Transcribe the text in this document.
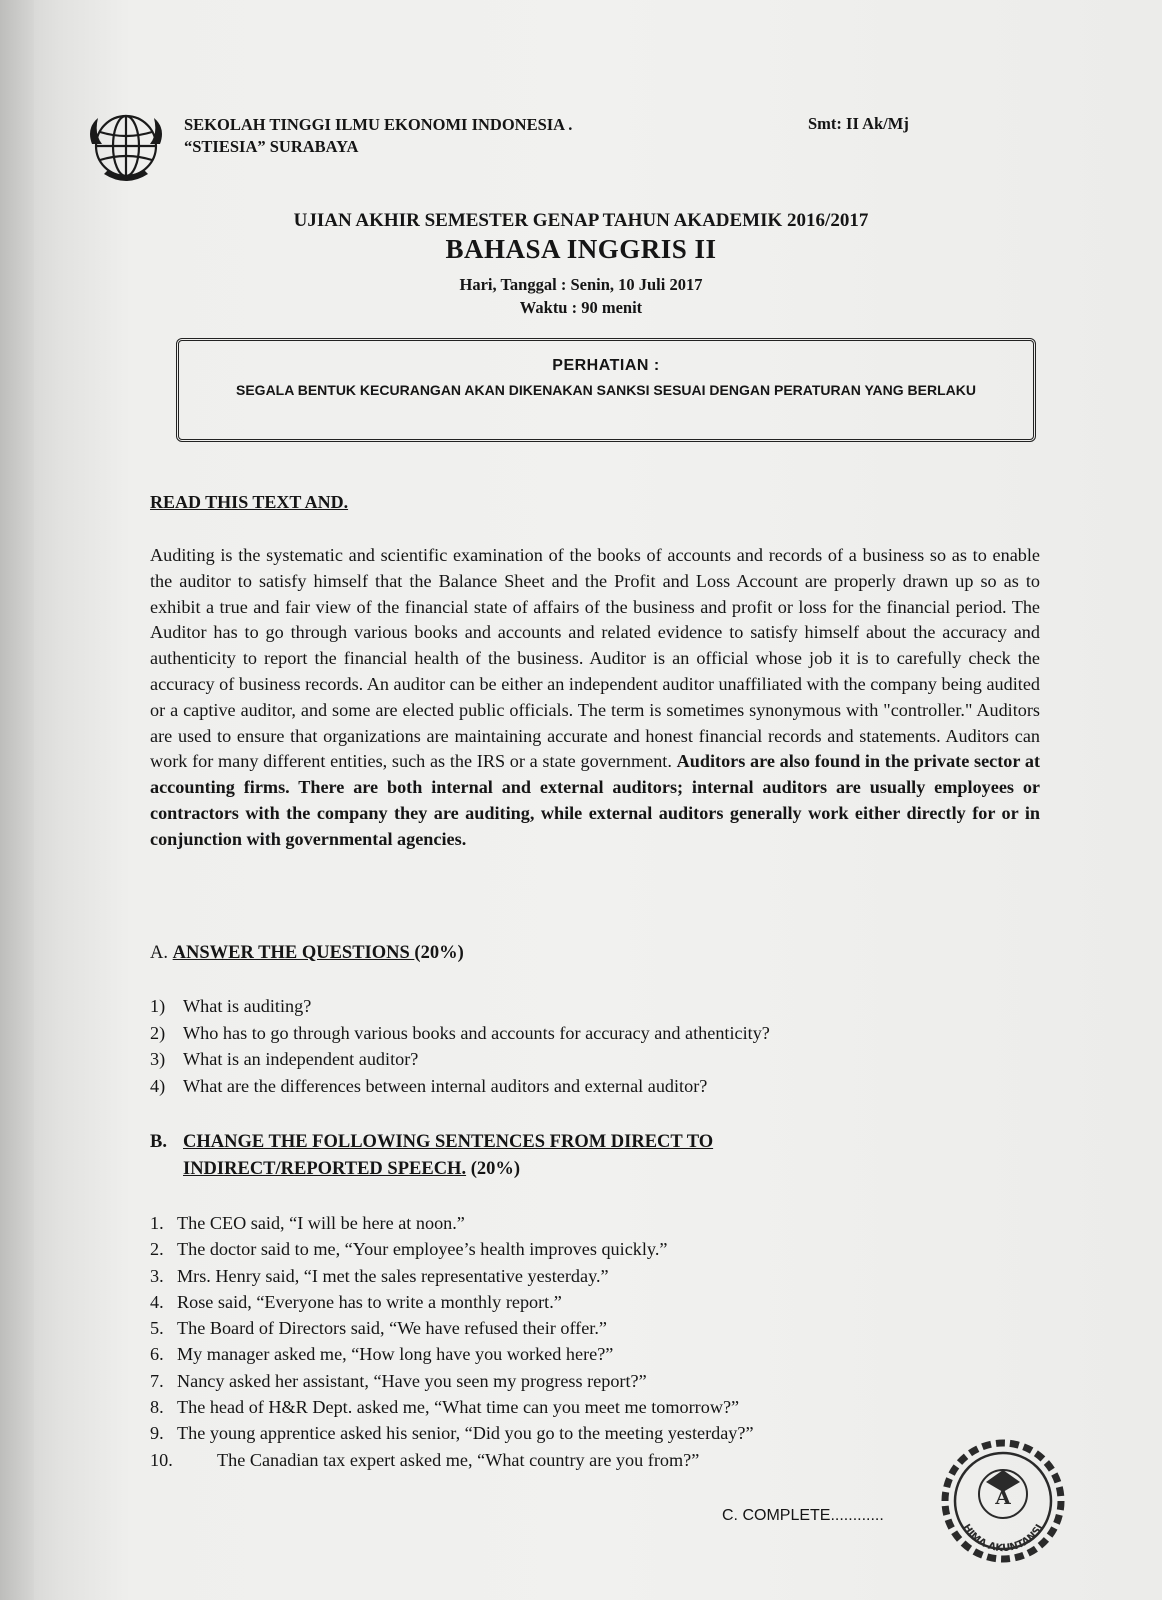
SEKOLAH TINGGI ILMU EKONOMI INDONESIA .
“STIESIA” SURABAYA
Smt: II Ak/Mj
UJIAN AKHIR SEMESTER GENAP TAHUN AKADEMIK 2016/2017
BAHASA INGGRIS II
Hari, Tanggal : Senin, 10 Juli 2017
Waktu : 90 menit
PERHATIAN :
SEGALA BENTUK KECURANGAN AKAN DIKENAKAN SANKSI SESUAI DENGAN PERATURAN YANG BERLAKU
READ THIS TEXT AND.

Auditing is the systematic and scientific examination of the books of accounts and records of a business so as to enable the auditor to satisfy himself that the Balance Sheet and the Profit and Loss Account are properly drawn up so as to exhibit a true and fair view of the financial state of affairs of the business and profit or loss for the financial period. The Auditor has to go through various books and accounts and related evidence to satisfy himself about the accuracy and authenticity to report the financial health of the business. Auditor is an official whose job it is to carefully check the accuracy of business records. An auditor can be either an independent auditor unaffiliated with the company being audited or a captive auditor, and some are elected public officials. The term is sometimes synonymous with "controller." Auditors are used to ensure that organizations are maintaining accurate and honest financial records and statements. Auditors can work for many different entities, such as the IRS or a state government. Auditors are also found in the private sector at accounting firms. There are both internal and external auditors; internal auditors are usually employees or contractors with the company they are auditing, while external auditors generally work either directly for or in conjunction with governmental agencies.

A. ANSWER THE QUESTIONS (20%)
1) What is auditing?
2) Who has to go through various books and accounts for accuracy and athenticity?
3) What is an independent auditor?
4) What are the differences between internal auditors and external auditor?
B. CHANGE THE FOLLOWING SENTENCES FROM DIRECT TO
INDIRECT/REPORTED SPEECH. (20%)
1. The CEO said, “I will be here at noon.”
2. The doctor said to me, “Your employee’s health improves quickly.”
3. Mrs. Henry said, “I met the sales representative yesterday.”
4. Rose said, “Everyone has to write a monthly report.”
5. The Board of Directors said, “We have refused their offer.”
6. My manager asked me, “How long have you worked here?”
7. Nancy asked her assistant, “Have you seen my progress report?”
8. The head of H&R Dept. asked me, “What time can you meet me tomorrow?”
9. The young apprentice asked his senior, “Did you go to the meeting yesterday?”
10.	The Canadian tax expert asked me, “What country are you from?”
C. COMPLETE............
A
HIMA AKUNTANSI
